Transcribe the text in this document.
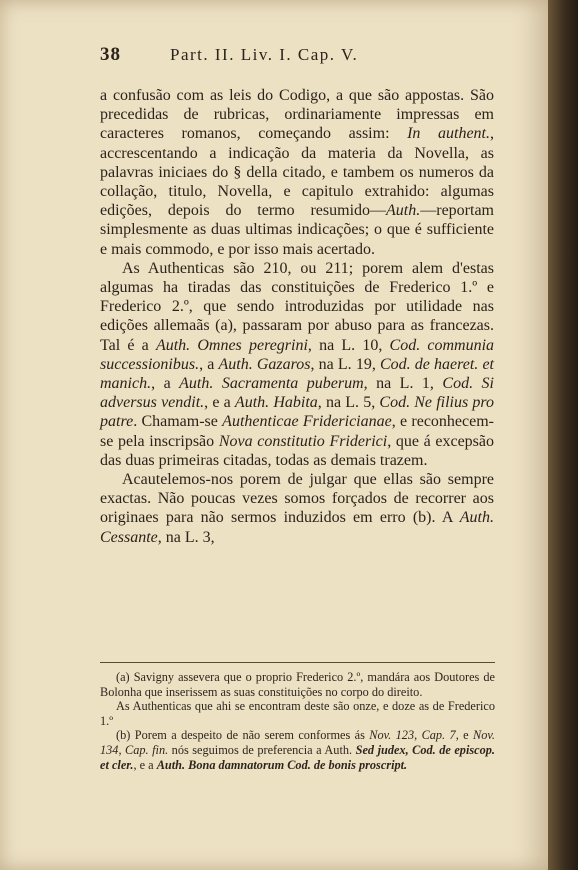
38	Part. II. Liv. I. Cap. V.

a confusão com as leis do Codigo, a que são appostas. São precedidas de rubricas, ordinariamente impressas em caracteres romanos, começando assim: In authent., accrescentando a indicação da materia da Novella, as palavras iniciaes do § della citado, e tambem os numeros da collação, titulo, Novella, e capitulo extrahido: algumas edições, depois do termo resumido—Auth.—reportam simplesmente as duas ultimas indicações; o que é sufficiente e mais commodo, e por isso mais acertado.

As Authenticas são 210, ou 211; porem alem d'estas algumas ha tiradas das constituições de Frederico 1.º e Frederico 2.º, que sendo introduzidas por utilidade nas edições allemaãs (a), passaram por abuso para as francezas. Tal é a Auth. Omnes peregrini, na L. 10, Cod. communia successionibus., a Auth. Gazaros, na L. 19, Cod. de haeret. et manich., a Auth. Sacramenta puberum, na L. 1, Cod. Si adversus vendit., e a Auth. Habita, na L. 5, Cod. Ne filius pro patre. Chamam-se Authenticae Fridericianae, e reconhecem-se pela inscripsão Nova constitutio Friderici, que á excepsão das duas primeiras citadas, todas as demais trazem.

Acautelemos-nos porem de julgar que ellas são sempre exactas. Não poucas vezes somos forçados de recorrer aos originaes para não sermos induzidos em erro (b). A Auth. Cessante, na L. 3,

(a) Savigny assevera que o proprio Frederico 2.º, mandára aos Doutores de Bolonha que inserissem as suas constituições no corpo do direito.

As Authenticas que ahi se encontram deste são onze, e doze as de Frederico 1.º

(b) Porem a despeito de não serem conformes ás Nov. 123, Cap. 7, e Nov. 134, Cap. fin. nós seguimos de preferencia a Auth. Sed judex, Cod. de episcop. et cler., e a Auth. Bona damnatorum Cod. de bonis proscript.
